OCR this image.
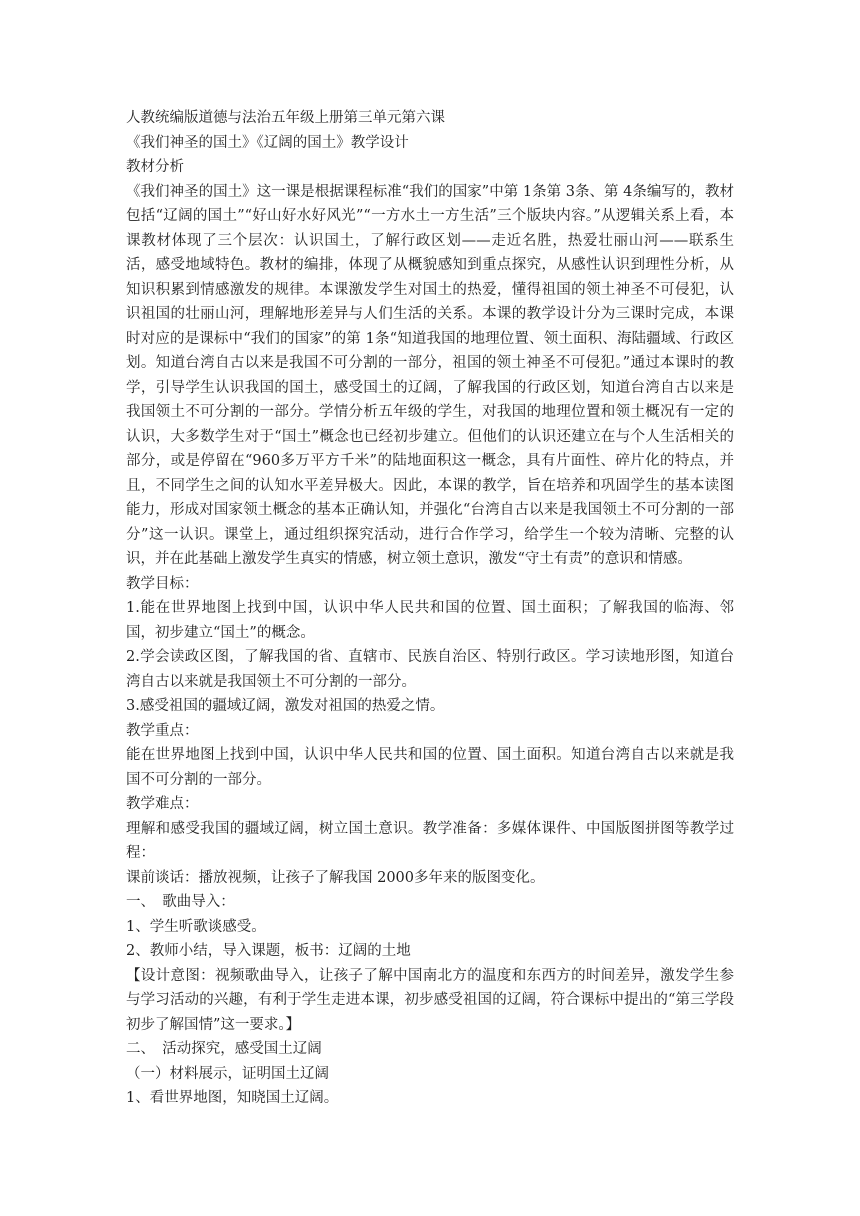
人教统编版道德与法治五年级上册第三单元第六课

《我们神圣的国土》《辽阔的国土》教学设计

教材分析

《我们神圣的国土》这一课是根据课程标准“我们的国家”中第 1条第 3条、第 4条编写的，教材包括“辽阔的国土”“好山好水好风光”“一方水土一方生活”三个版块内容。”从逻辑关系上看，本课教材体现了三个层次：认识国土，了解行政区划——走近名胜，热爱壮丽山河——联系生活，感受地域特色。教材的编排，体现了从概貌感知到重点探究，从感性认识到理性分析，从知识积累到情感激发的规律。本课激发学生对国土的热爱，懂得祖国的领土神圣不可侵犯，认识祖国的壮丽山河，理解地形差异与人们生活的关系。本课的教学设计分为三课时完成，本课时对应的是课标中“我们的国家”的第 1条“知道我国的地理位置、领土面积、海陆疆域、行政区划。知道台湾自古以来是我国不可分割的一部分，祖国的领土神圣不可侵犯。”通过本课时的教学，引导学生认识我国的国土，感受国土的辽阔，了解我国的行政区划，知道台湾自古以来是我国领土不可分割的一部分。学情分析五年级的学生，对我国的地理位置和领土概况有一定的认识，大多数学生对于“国土”概念也已经初步建立。但他们的认识还建立在与个人生活相关的部分，或是停留在“960多万平方千米”的陆地面积这一概念，具有片面性、碎片化的特点，并且，不同学生之间的认知水平差异极大。因此，本课的教学，旨在培养和巩固学生的基本读图能力，形成对国家领土概念的基本正确认知，并强化“台湾自古以来是我国领土不可分割的一部分”这一认识。课堂上，通过组织探究活动，进行合作学习，给学生一个较为清晰、完整的认识，并在此基础上激发学生真实的情感，树立领土意识，激发“守土有责”的意识和情感。

教学目标：

1.能在世界地图上找到中国，认识中华人民共和国的位置、国土面积；了解我国的临海、邻国，初步建立“国土”的概念。

2.学会读政区图，了解我国的省、直辖市、民族自治区、特别行政区。学习读地形图，知道台湾自古以来就是我国领土不可分割的一部分。

3.感受祖国的疆域辽阔，激发对祖国的热爱之情。

教学重点：

能在世界地图上找到中国，认识中华人民共和国的位置、国土面积。知道台湾自古以来就是我国不可分割的一部分。

教学难点：

理解和感受我国的疆域辽阔，树立国土意识。教学准备：多媒体课件、中国版图拼图等教学过程：

课前谈话：播放视频，让孩子了解我国 2000多年来的版图变化。

一、　歌曲导入：

1、学生听歌谈感受。

2、教师小结，导入课题，板书：辽阔的土地

【设计意图：视频歌曲导入，让孩子了解中国南北方的温度和东西方的时间差异，激发学生参与学习活动的兴趣，有利于学生走进本课，初步感受祖国的辽阔，符合课标中提出的“第三学段初步了解国情”这一要求。】

二、　活动探究，感受国土辽阔

（一）材料展示，证明国土辽阔

1、看世界地图，知晓国土辽阔。
